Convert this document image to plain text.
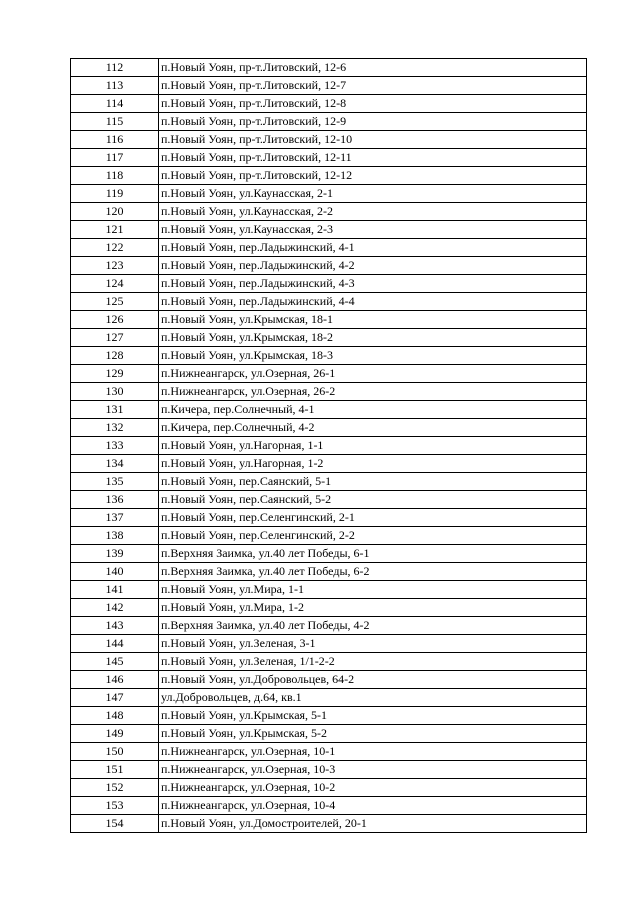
112	п.Новый Уоян, пр-т.Литовский, 12-6
113	п.Новый Уоян, пр-т.Литовский, 12-7
114	п.Новый Уоян, пр-т.Литовский, 12-8
115	п.Новый Уоян, пр-т.Литовский, 12-9
116	п.Новый Уоян, пр-т.Литовский, 12-10
117	п.Новый Уоян, пр-т.Литовский, 12-11
118	п.Новый Уоян, пр-т.Литовский, 12-12
119	п.Новый Уоян, ул.Каунасская, 2-1
120	п.Новый Уоян, ул.Каунасская, 2-2
121	п.Новый Уоян, ул.Каунасская, 2-3
122	п.Новый Уоян, пер.Ладыжинский, 4-1
123	п.Новый Уоян, пер.Ладыжинский, 4-2
124	п.Новый Уоян, пер.Ладыжинский, 4-3
125	п.Новый Уоян, пер.Ладыжинский, 4-4
126	п.Новый Уоян, ул.Крымская, 18-1
127	п.Новый Уоян, ул.Крымская, 18-2
128	п.Новый Уоян, ул.Крымская, 18-3
129	п.Нижнеангарск, ул.Озерная, 26-1
130	п.Нижнеангарск, ул.Озерная, 26-2
131	п.Кичера, пер.Солнечный, 4-1
132	п.Кичера, пер.Солнечный, 4-2
133	п.Новый Уоян, ул.Нагорная, 1-1
134	п.Новый Уоян, ул.Нагорная, 1-2
135	п.Новый Уоян, пер.Саянский, 5-1
136	п.Новый Уоян, пер.Саянский, 5-2
137	п.Новый Уоян, пер.Селенгинский, 2-1
138	п.Новый Уоян, пер.Селенгинский, 2-2
139	п.Верхняя Заимка, ул.40 лет Победы, 6-1
140	п.Верхняя Заимка, ул.40 лет Победы, 6-2
141	п.Новый Уоян, ул.Мира, 1-1
142	п.Новый Уоян, ул.Мира, 1-2
143	п.Верхняя Заимка, ул.40 лет Победы, 4-2
144	п.Новый Уоян, ул.Зеленая, 3-1
145	п.Новый Уоян, ул.Зеленая, 1/1-2-2
146	п.Новый Уоян, ул.Добровольцев, 64-2
147	ул.Добровольцев, д.64, кв.1
148	п.Новый Уоян, ул.Крымская, 5-1
149	п.Новый Уоян, ул.Крымская, 5-2
150	п.Нижнеангарск, ул.Озерная, 10-1
151	п.Нижнеангарск, ул.Озерная, 10-3
152	п.Нижнеангарск, ул.Озерная, 10-2
153	п.Нижнеангарск, ул.Озерная, 10-4
154	п.Новый Уоян, ул.Домостроителей, 20-1
